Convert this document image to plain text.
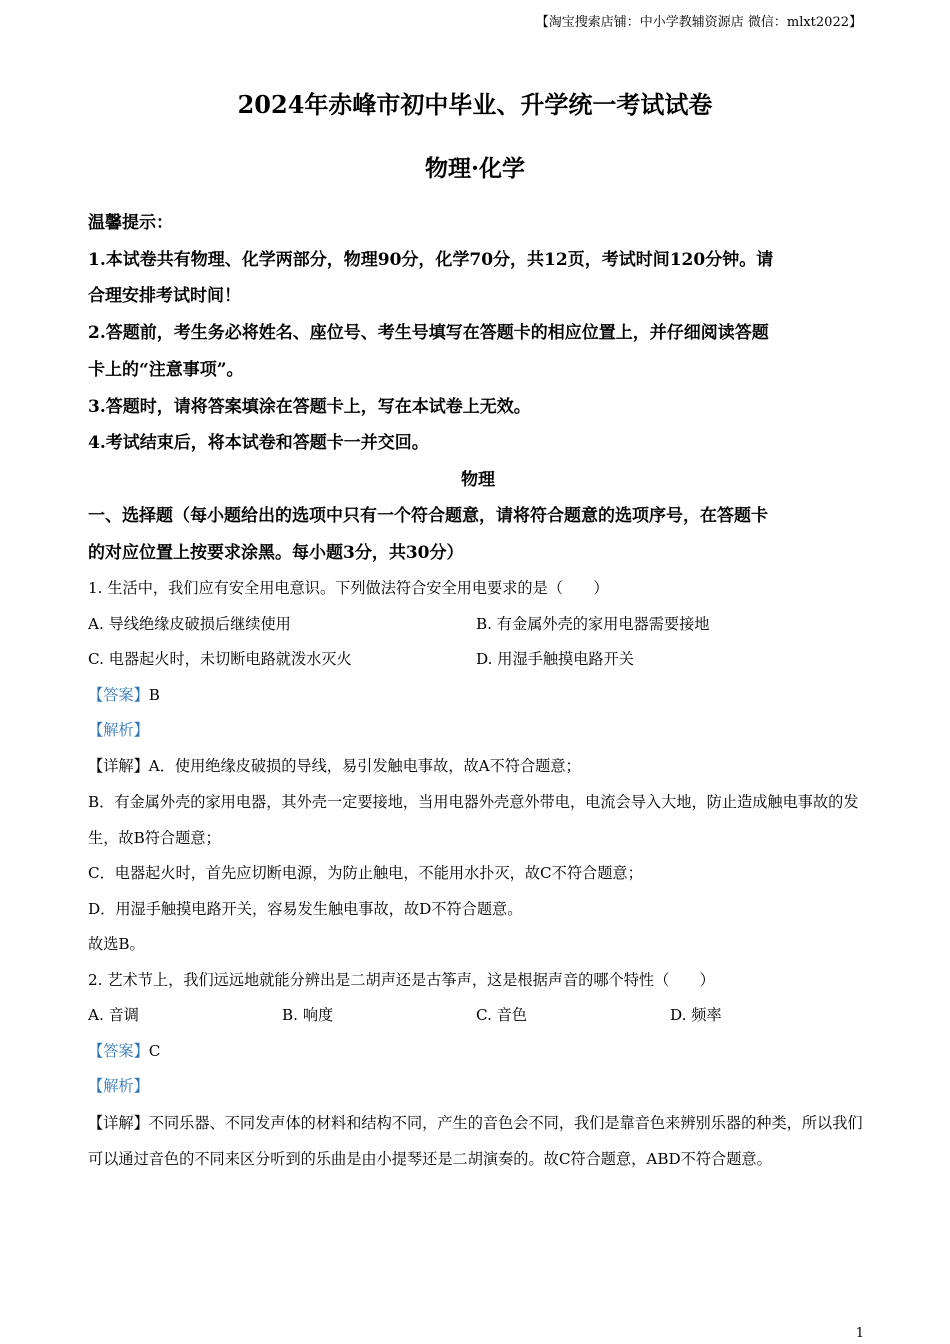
【淘宝搜索店铺：中小学教辅资源店 微信：mlxt2022】
2024年赤峰市初中毕业、升学统一考试试卷
物理·化学

温馨提示：

1.本试卷共有物理、化学两部分，物理90分，化学70分，共12页，考试时间120分钟。请

合理安排考试时间！

2.答题前，考生务必将姓名、座位号、考生号填写在答题卡的相应位置上，并仔细阅读答题

卡上的“注意事项”。

3.答题时，请将答案填涂在答题卡上，写在本试卷上无效。

4.考试结束后，将本试卷和答题卡一并交回。

物理

一、选择题（每小题给出的选项中只有一个符合题意，请将符合题意的选项序号，在答题卡

的对应位置上按要求涂黑。每小题3分，共30分）

1. 生活中，我们应有安全用电意识。下列做法符合安全用电要求的是（　　）

A. 导线绝缘皮破损后继续使用	B. 有金属外壳的家用电器需要接地
C. 电器起火时，未切断电路就泼水灭火	D. 用湿手触摸电路开关

【答案】B

【解析】

【详解】A．使用绝缘皮破损的导线，易引发触电事故，故A不符合题意；

B．有金属外壳的家用电器，其外壳一定要接地，当用电器外壳意外带电，电流会导入大地，防止造成触电事故的发生，故B符合题意；

C．电器起火时，首先应切断电源，为防止触电，不能用水扑灭，故C不符合题意；

D．用湿手触摸电路开关，容易发生触电事故，故D不符合题意。

故选B。

2. 艺术节上，我们远远地就能分辨出是二胡声还是古筝声，这是根据声音的哪个特性（　　）

A. 音调	B. 响度	C. 音色	D. 频率

【答案】C

【解析】

【详解】不同乐器、不同发声体的材料和结构不同，产生的音色会不同，我们是靠音色来辨别乐器的种类，所以我们可以通过音色的不同来区分听到的乐曲是由小提琴还是二胡演奏的。故C符合题意，ABD不符合题意。

1
